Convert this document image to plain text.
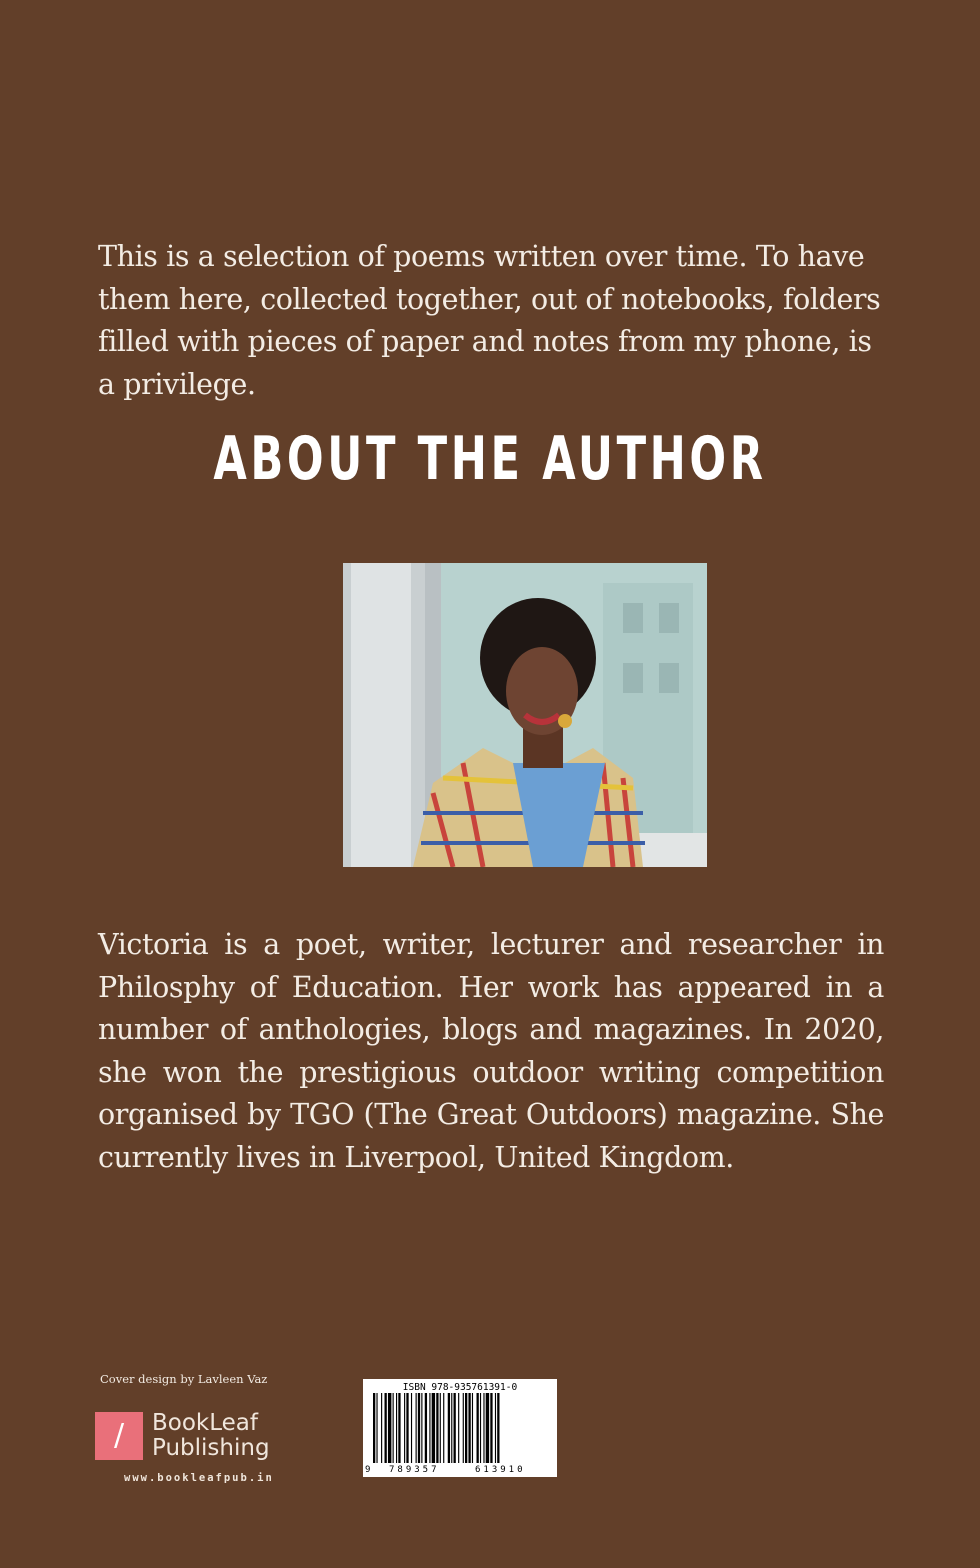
This is a selection of poems written over time. To have them here, collected together, out of notebooks, folders filled with pieces of paper and notes from my phone, is a privilege.

ABOUT THE AUTHOR

Victoria is a poet, writer, lecturer and researcher in Philosphy of Education. Her work has appeared in a number of anthologies, blogs and magazines. In 2020, she won the prestigious outdoor writing competition organised by TGO (The Great Outdoors) magazine. She currently lives in Liverpool, United Kingdom.

Cover design by Lavleen Vaz
/	BookLeaf
Publishing
www.bookleafpub.in
ISBN 978-935761391-0
9 789357	613910
